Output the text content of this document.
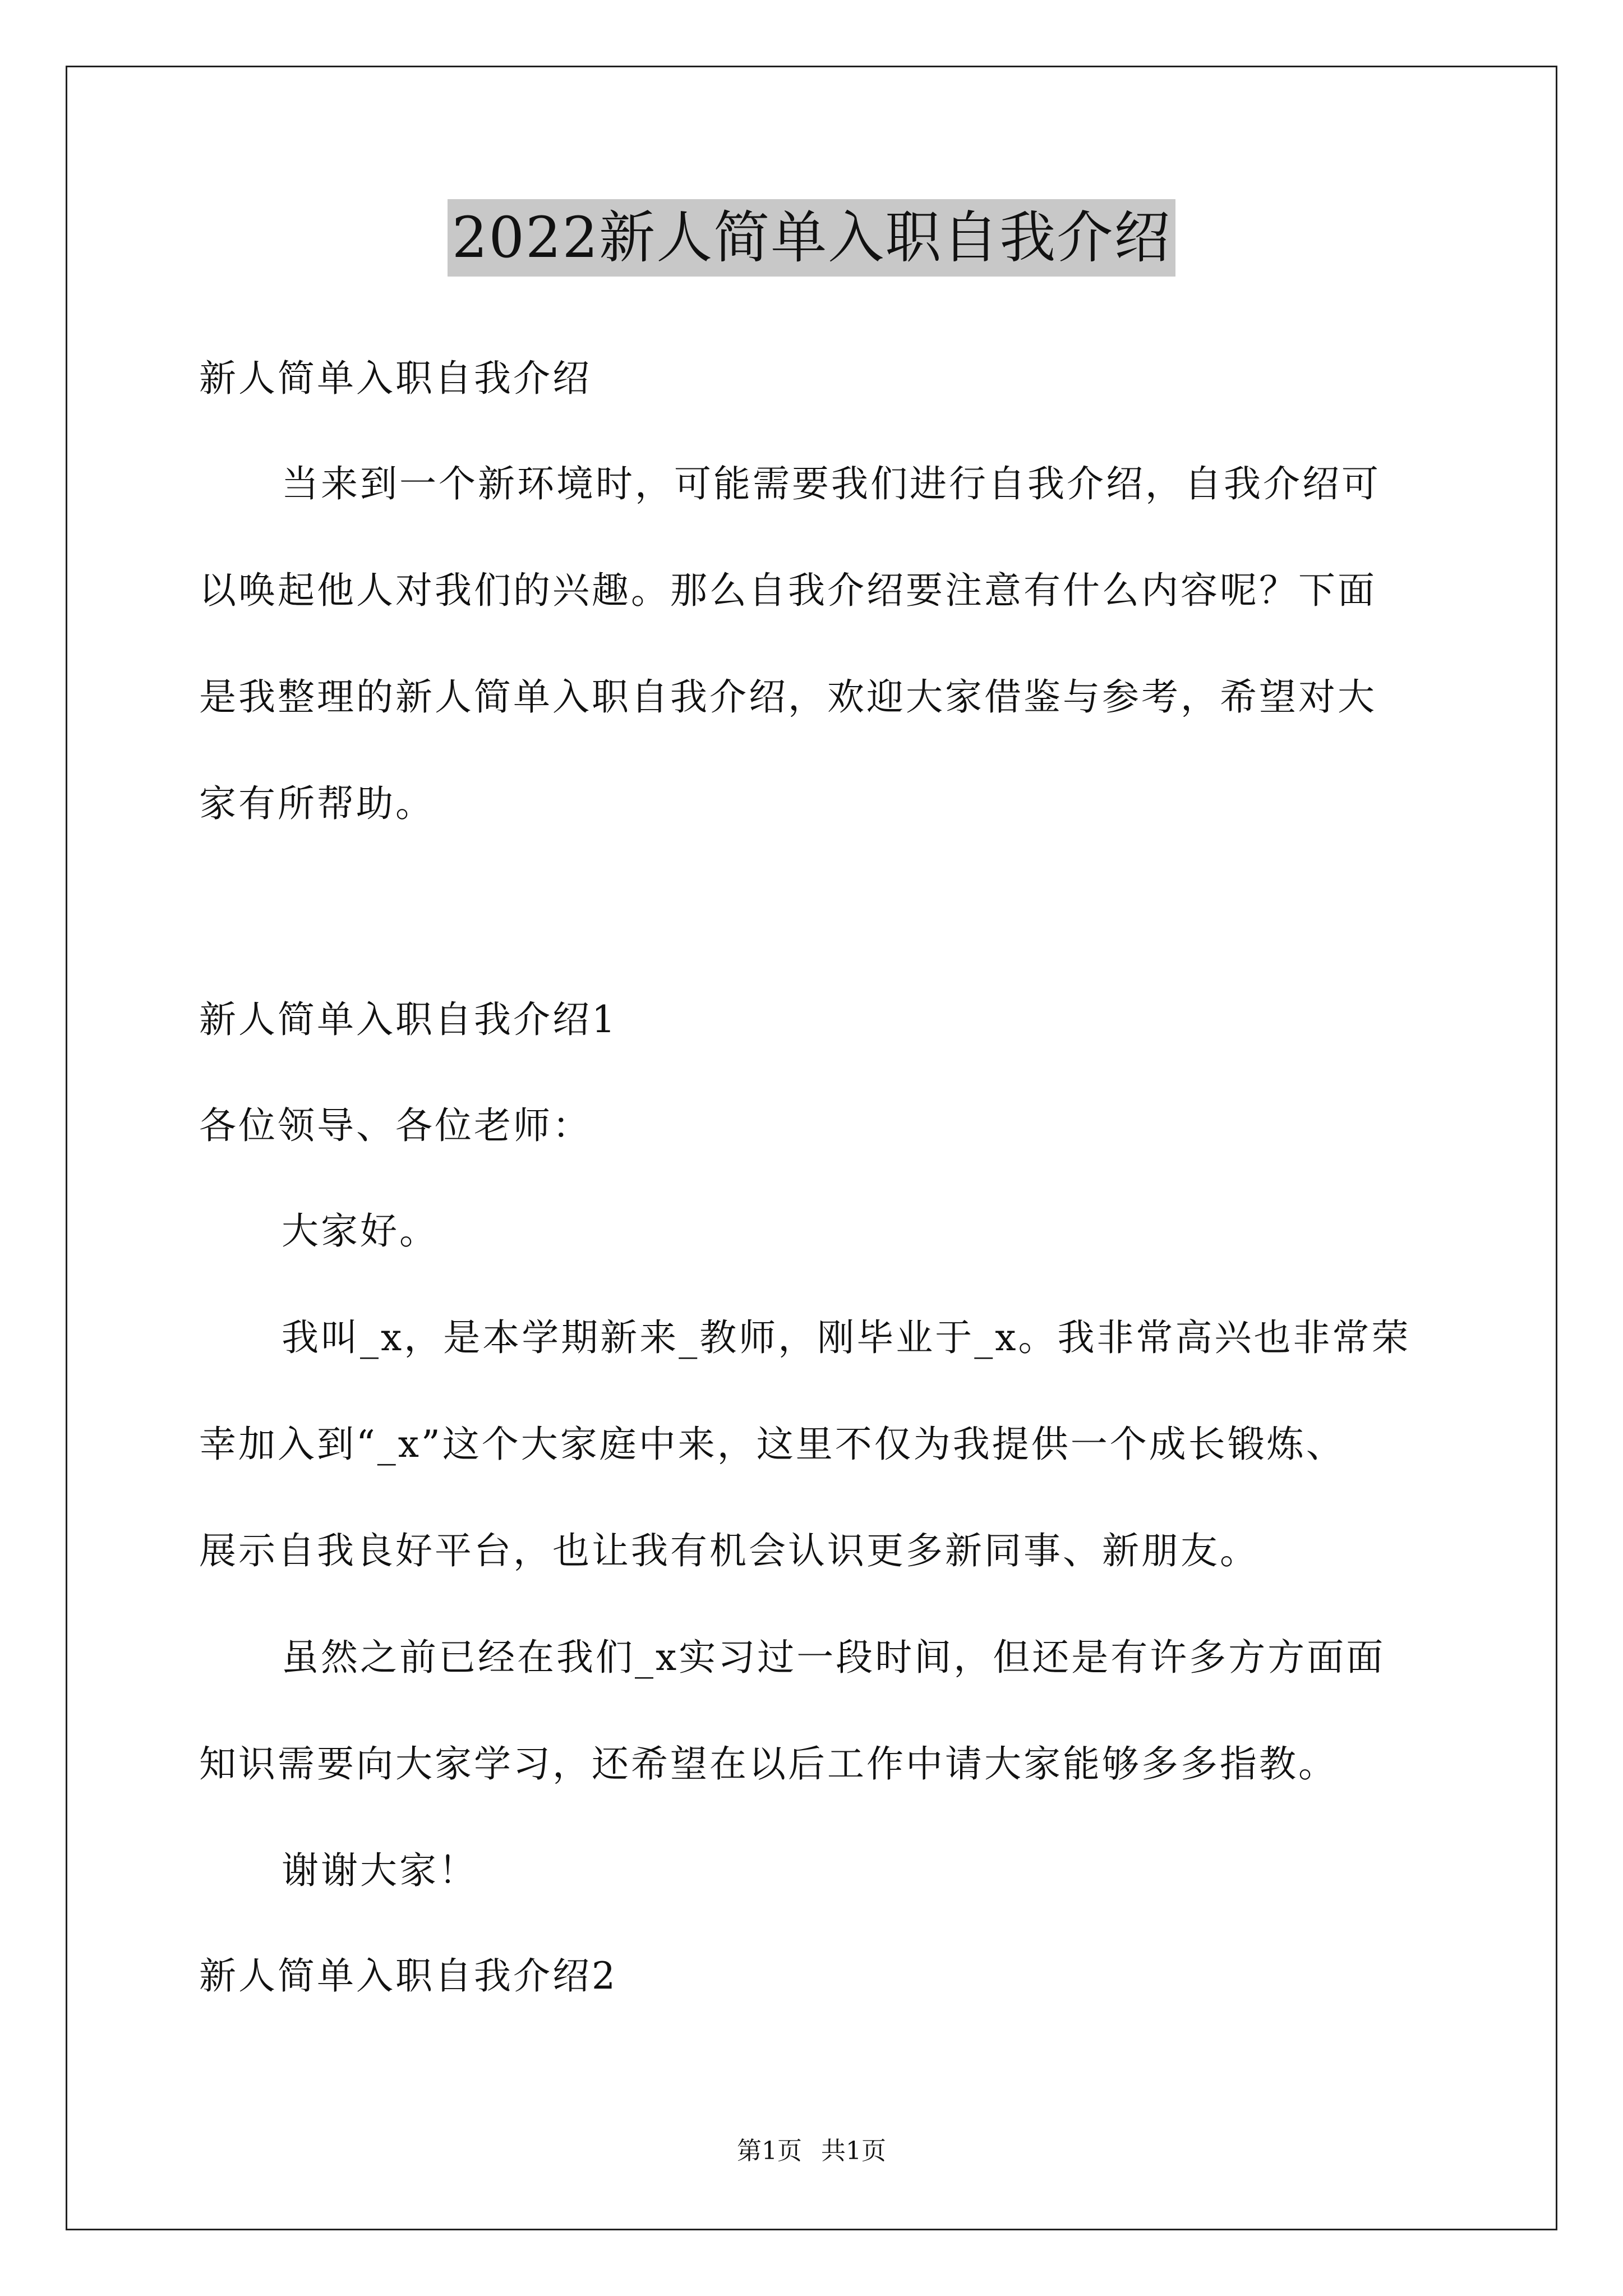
2022新人简单入职自我介绍
新人简单入职自我介绍
当来到一个新环境时，可能需要我们进行自我介绍，自我介绍可
以唤起他人对我们的兴趣。那么自我介绍要注意有什么内容呢？下面
是我整理的新人简单入职自我介绍，欢迎大家借鉴与参考，希望对大
家有所帮助。
新人简单入职自我介绍1
各位领导、各位老师：
大家好。
我叫_x，是本学期新来_教师，刚毕业于_x。我非常高兴也非常荣
幸加入到“_x”这个大家庭中来，这里不仅为我提供一个成长锻炼、
展示自我良好平台，也让我有机会认识更多新同事、新朋友。
虽然之前已经在我们_x实习过一段时间，但还是有许多方方面面
知识需要向大家学习，还希望在以后工作中请大家能够多多指教。
谢谢大家！
新人简单入职自我介绍2
第1页 共1页
